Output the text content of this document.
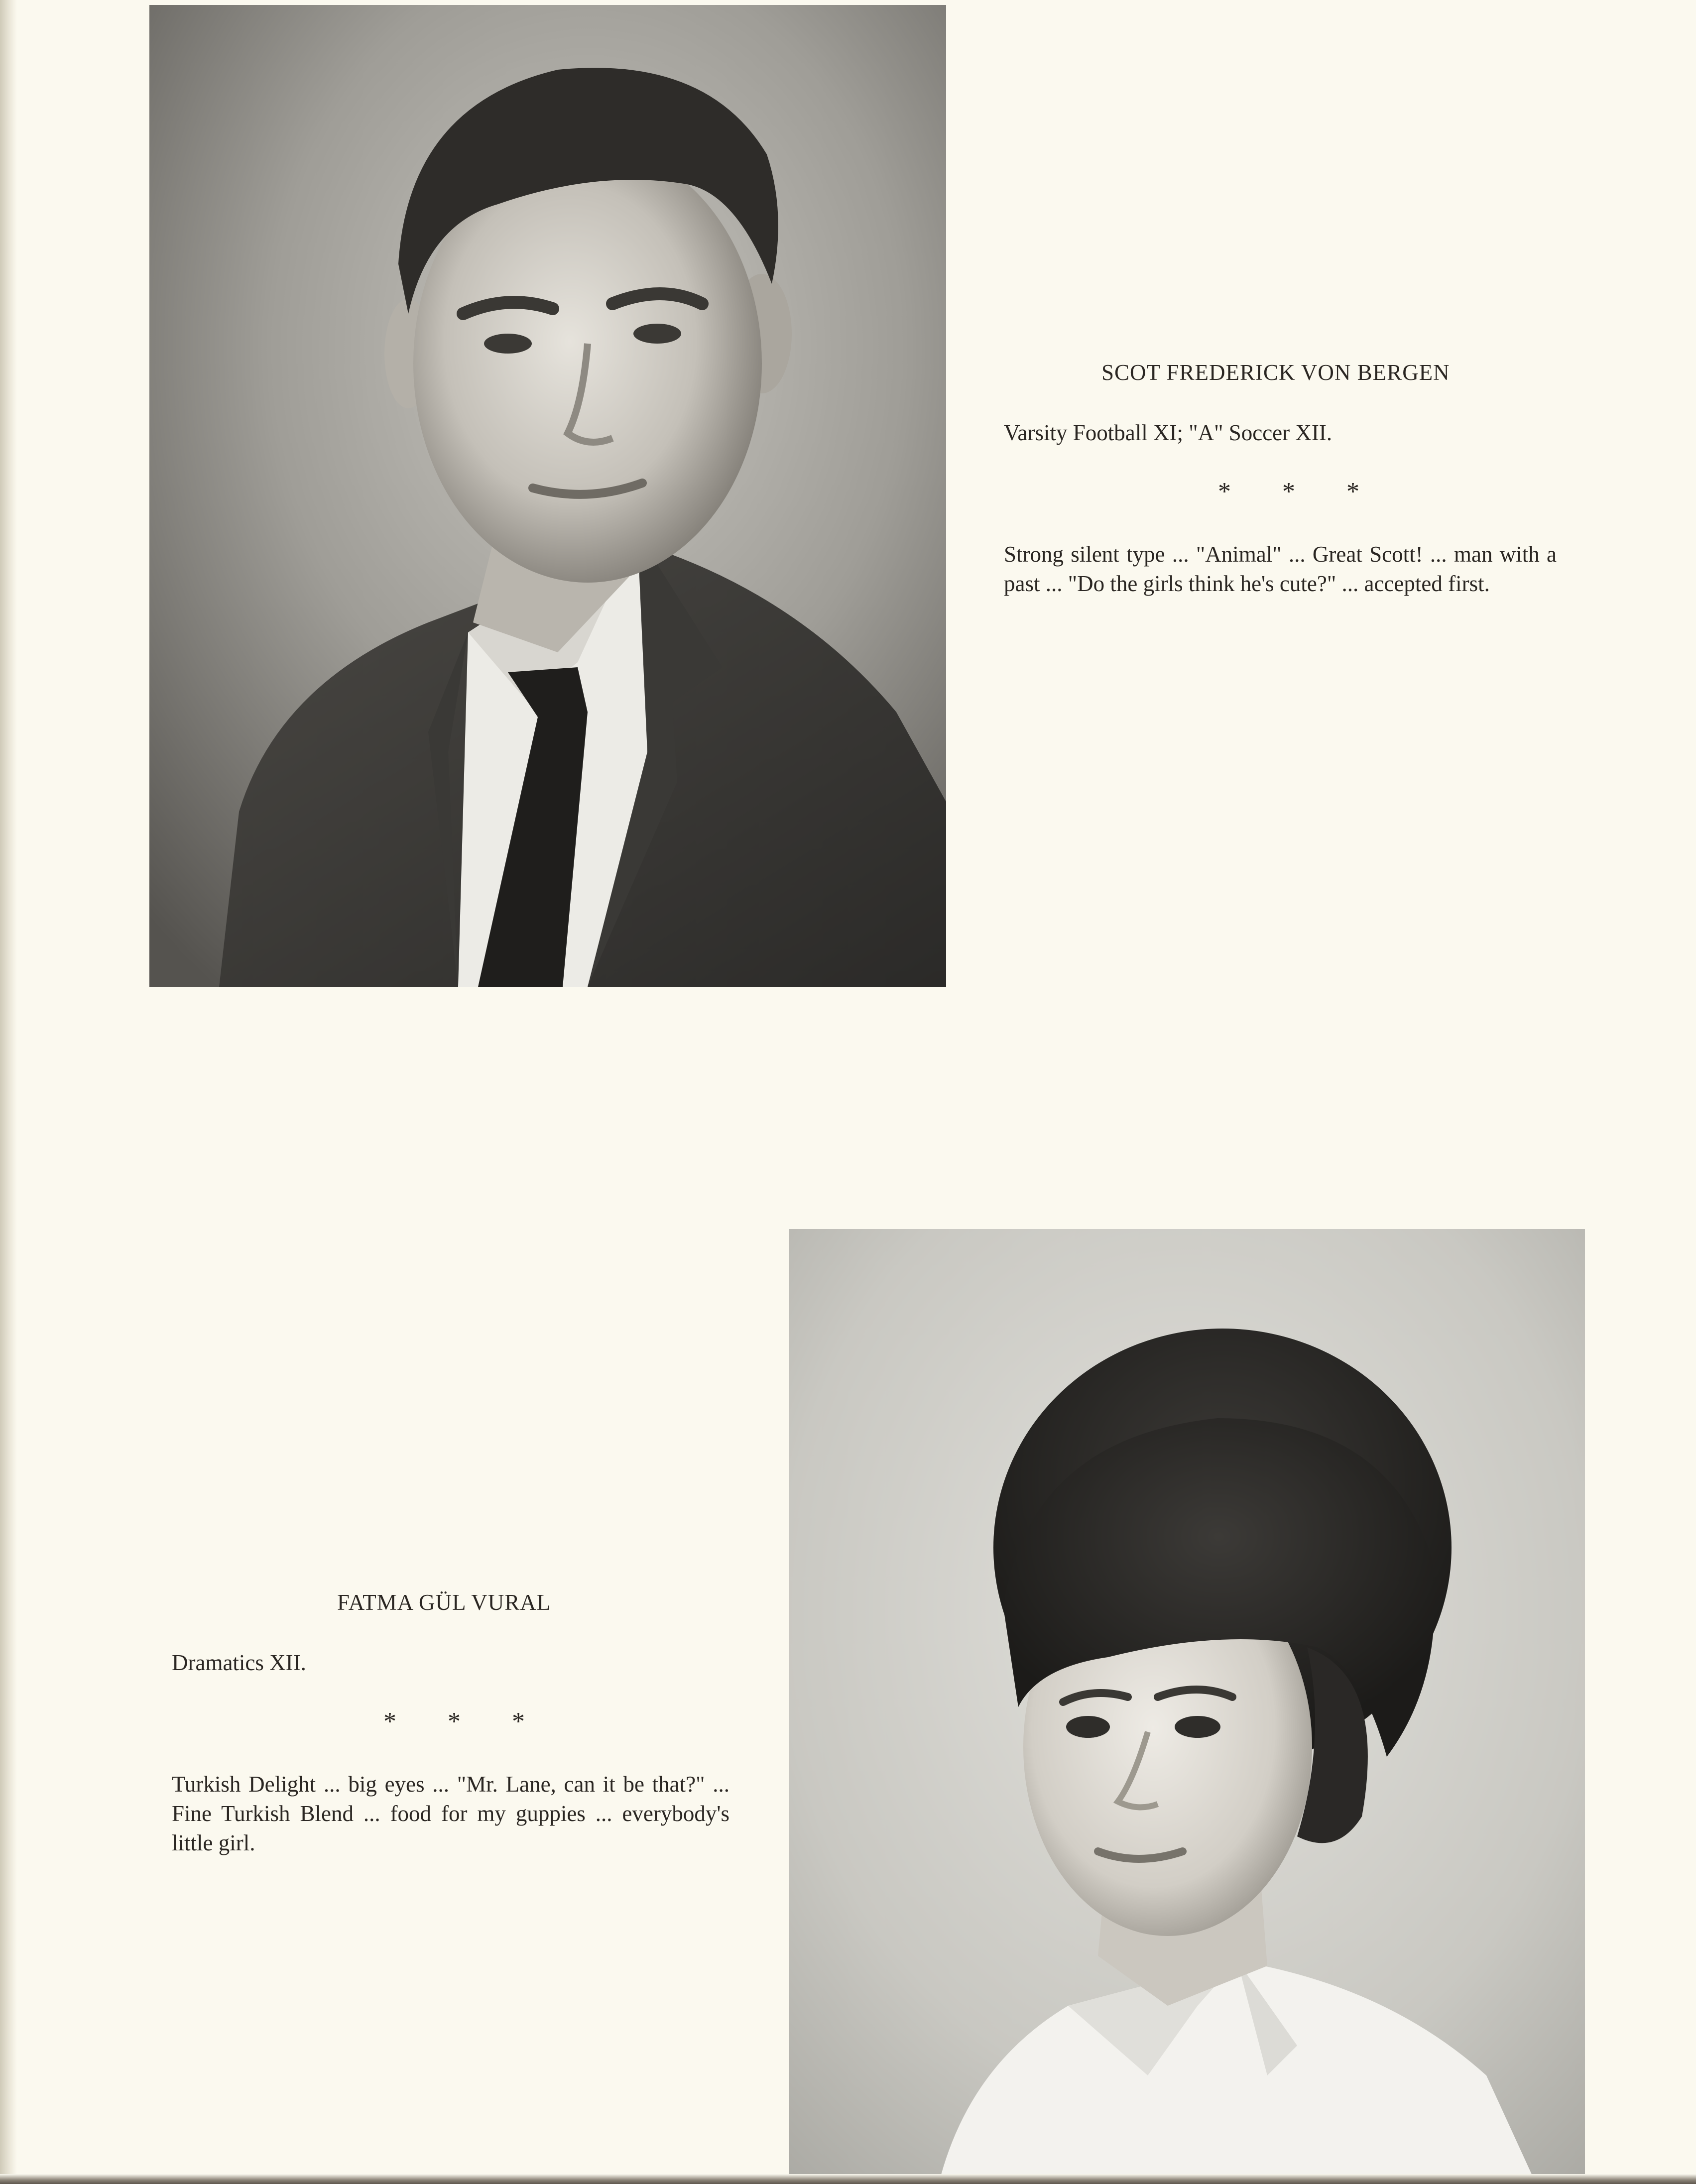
SCOT FREDERICK VON BERGEN
Varsity Football XI; "A" Soccer XII.
* * *
Strong silent type ... "Animal" ... Great Scott! ... man with a past ... "Do the girls think he's cute?" ... accepted first.
FATMA GÜL VURAL
Dramatics XII.
* * *
Turkish Delight ... big eyes ... "Mr. Lane, can it be that?" ... Fine Turkish Blend ... food for my guppies ... everybody's little girl.
